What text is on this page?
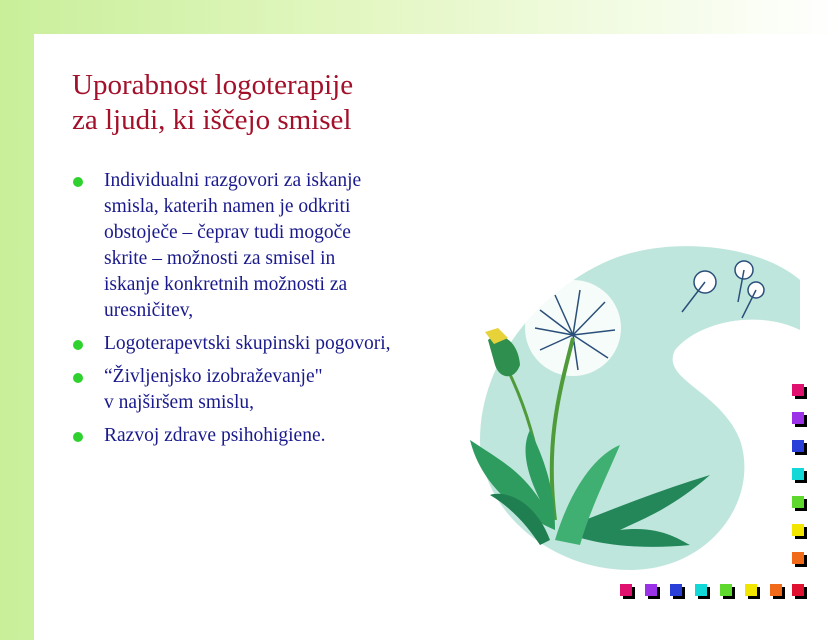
Uporabnost logoterapije
za ljudi, ki iščejo smisel
Individualni razgovori za iskanje
smisla, katerih namen je odkriti
obstoječe – čeprav tudi mogoče
skrite – možnosti za smisel in
iskanje konkretnih možnosti za
uresničitev,
Logoterapevtski skupinski pogovori,
“Življenjsko izobraževanje"
v najširšem smislu,
Razvoj zdrave psihohigiene.
